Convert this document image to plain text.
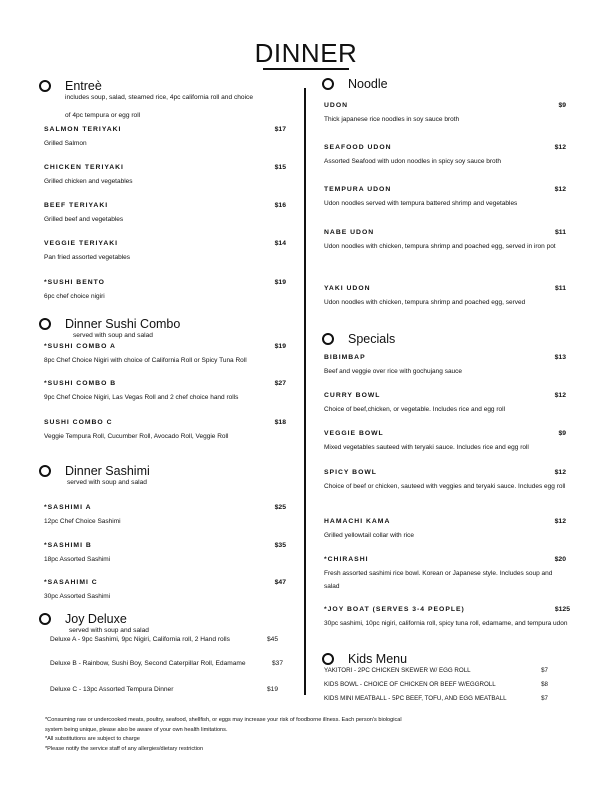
DINNER
Entreè
includes soup, salad, steamed rice, 4pc california roll and choice
of 4pc tempura or egg roll
SALMON TERIYAKI	$17
Grilled Salmon
CHICKEN TERIYAKI	$15
Grilled chicken and vegetables
BEEF TERIYAKI	$16
Grilled beef and vegetables
VEGGIE TERIYAKI	$14
Pan fried assorted vegetables
*SUSHI BENTO	$19
6pc chef choice nigiri
Dinner Sushi Combo
served with soup and salad
*SUSHI COMBO A	$19
8pc Chef Choice Nigiri with choice of California Roll or Spicy Tuna Roll
*SUSHI COMBO B	$27
9pc Chef Choice Nigiri, Las Vegas Roll and 2 chef choice hand rolls
SUSHI COMBO C	$18
Veggie Tempura Roll, Cucumber Roll, Avocado Roll, Veggie Roll
Dinner Sashimi
served with soup and salad
*SASHIMI A	$25
12pc Chef Choice Sashimi
*SASHIMI B	$35
18pc Assorted Sashimi
*SASAHIMI C	$47
30pc Assorted Sashimi
Joy Deluxe
served with soup and salad
Deluxe A - 9pc Sashimi, 9pc Nigiri, California roll, 2 Hand rolls	$45
Deluxe B - Rainbow, Sushi Boy, Second Caterpillar Roll, Edamame	$37
Deluxe C - 13pc Assorted Tempura Dinner	$19
Noodle
UDON	$9
Thick japanese rice noodles in soy sauce broth
SEAFOOD UDON	$12
Assorted Seafood with udon noodles in spicy soy sauce broth
TEMPURA UDON	$12
Udon noodles served with tempura battered shrimp and vegetables
NABE UDON	$11
Udon noodles with chicken, tempura shrimp and poached egg, served in iron pot
YAKI UDON	$11
Udon noodles with chicken, tempura shrimp and poached egg, served
Specials
BIBIMBAP	$13
Beef and veggie over rice with gochujang sauce
CURRY BOWL	$12
Choice of beef,chicken, or vegetable. Includes rice and egg roll
VEGGIE BOWL	$9
Mixed vegetables sauteed with teryaki sauce. Includes rice and egg roll
SPICY BOWL	$12
Choice of beef or chicken, sauteed with veggies and teryaki sauce. Includes egg roll
HAMACHI KAMA	$12
Grilled yellowtail collar with rice
*CHIRASHI	$20
Fresh assorted sashimi rice bowl. Korean or Japanese style. Includes soup and salad
*JOY BOAT (SERVES 3-4 PEOPLE)	$125
30pc sashimi, 10pc nigiri, california roll, spicy tuna roll, edamame, and tempura udon
Kids Menu
YAKITORI - 2PC CHICKEN SKEWER W/ EGG ROLL	$7
KIDS BOWL - CHOICE OF CHICKEN OR BEEF W/EGGROLL	$8
KIDS MINI MEATBALL - 5PC BEEF, TOFU, AND EGG MEATBALL	$7
*Consuming raw or undercooked meats, poultry, seafood, shellfish, or eggs may increase your risk of foodborne illness. Each person's biological
system being unique, please also be aware of your own health limitations.
*All substitutions are subject to charge
*Please notify the service staff of any allergies/dietary restriction
